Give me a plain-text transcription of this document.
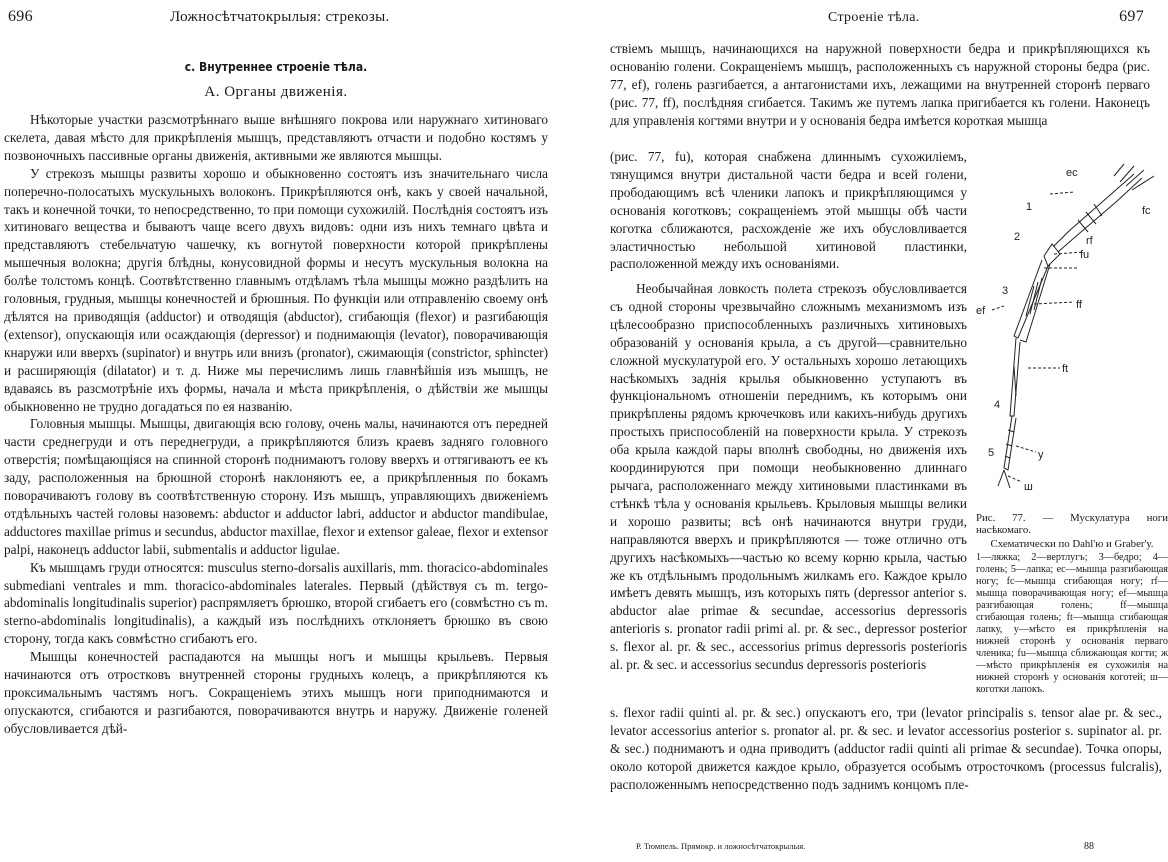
696	Ложносѣтчатокрылыя: стрекозы.
c. Внутреннее строеніе тѣла.
А. Органы движенія.

Нѣкоторые участки разсмотрѣннаго выше внѣшняго покрова или наружнаго хитиноваго скелета, давая мѣсто для прикрѣпленія мышцъ, представляютъ отчасти и подобно костямъ у позвоночныхъ пассивные органы движенія, активными же являются мышцы.

У стрекозъ мышцы развиты хорошо и обыкновенно состоятъ изъ значительнаго числа поперечно-полосатыхъ мускульныхъ волоконъ. Прикрѣпляются онѣ, какъ у своей начальной, такъ и конечной точки, то непосредственно, то при помощи сухожилій. Послѣднія состоятъ изъ хитиноваго вещества и бываютъ чаще всего двухъ видовъ: одни изъ нихъ темнаго цвѣта и представляютъ стебельчатую чашечку, къ вогнутой поверхности которой прикрѣплены мышечныя волокна; другія блѣдны, конусовидной формы и несутъ мускульныя волокна на болѣе толстомъ концѣ. Соотвѣтственно главнымъ отдѣламъ тѣла мышцы можно раздѣлить на головныя, грудныя, мышцы конечностей и брюшныя. По функціи или отправленію своему онѣ дѣлятся на приводящія (adductor) и отводящія (abductor), сгибающія (flexor) и разгибающія (extensor), опускающія или осаждающія (depressor) и поднимающія (levator), поворачивающія кнаружи или вверхъ (supinator) и внутрь или внизъ (pronator), сжимающія (constrictor, sphincter) и расширяющія (dilatator) и т. д. Ниже мы перечислимъ лишь главнѣйшія изъ мышцъ, не вдаваясь въ разсмотрѣніе ихъ формы, начала и мѣста прикрѣпленія, о дѣйствіи же мышцы обыкновенно не трудно догадаться по ея названію.

Головныя мышцы. Мышцы, двигающія всю голову, очень малы, начинаются отъ передней части среднегруди и отъ переднегруди, а прикрѣпляются близъ краевъ задняго головного отверстія; помѣщающіяся на спинной сторонѣ поднимаютъ голову вверхъ и оттягиваютъ ее къ заду, расположенныя на брюшной сторонѣ наклоняютъ ее, а прикрѣпленныя по бокамъ поворачиваютъ голову въ соотвѣтственную сторону. Изъ мышцъ, управляющихъ движеніемъ отдѣльныхъ частей головы назовемъ: abductor и adductor labri, adductor и abductor mandibulae, adductores maxillae primus и secundus, abductor maxillae, flexor и extensor galeae, flexor и extensor palpi, наконецъ adductor labii, submentalis и adductor ligulae.

Къ мышцамъ груди относятся: musculus sterno-dorsalis auxillaris, mm. thoracico-abdominales submediani ventrales и mm. thoracico-abdominales laterales. Первый (дѣйствуя съ m. tergo-abdominalis longitudinalis superior) распрямляетъ брюшко, второй сгибаетъ его (совмѣстно съ m. sterno-abdominalis longitudinalis), а каждый изъ послѣднихъ отклоняетъ брюшко въ свою сторону, тогда какъ совмѣстно сгибаютъ его.

Мышцы конечностей распадаются на мышцы ногъ и мышцы крыльевъ. Первыя начинаются отъ отростковъ внутренней стороны грудныхъ колецъ, а прикрѣпляются къ проксимальнымъ частямъ ногъ. Сокращеніемъ этихъ мышцъ ноги приподнимаются и опускаются, сгибаются и разгибаются, поворачиваются внутрь и наружу. Движеніе голеней обусловливается дѣй-

Строеніе тѣла.	697

ствіемъ мышцъ, начинающихся на наружной поверхности бедра и прикрѣпляющихся къ основанію голени. Сокращеніемъ мышцъ, расположенныхъ съ наружной стороны бедра (рис. 77, ef), голень разгибается, а антагонистами ихъ, лежащими на внутренней сторонѣ перваго (рис. 77, ff), послѣдняя сгибается. Такимъ же путемъ лапка пригибается къ голени. Наконецъ для управленія когтями внутри и у основанія бедра имѣется короткая мышца

(рис. 77, fu), которая снабжена длиннымъ сухожиліемъ, тянущимся внутри дистальной части бедра и всей голени, прободающимъ всѣ членики лапокъ и прикрѣпляющимся у основанія коготковъ; сокращеніемъ этой мышцы обѣ части коготка сближаются, расхожденіе же ихъ обусловливается эластичностью небольшой хитиновой пластинки, расположенной между ихъ основаніями.

Необычайная ловкость полета стрекозъ обусловливается съ одной стороны чрезвычайно сложнымъ механизмомъ изъ цѣлесообразно приспособленныхъ различныхъ хитиновыхъ образованій у основанія крыла, а съ другой—сравнительно сложной мускулатурой его. У остальныхъ хорошо летающихъ насѣкомыхъ заднія крылья обыкновенно уступаютъ въ функціональномъ отношеніи переднимъ, къ которымъ они прикрѣплены рядомъ крючечковъ или какихъ-нибудь другихъ простыхъ приспособленій на поверхности крыла. У стрекозъ оба крыла каждой пары вполнѣ свободны, но движенія ихъ координируются при помощи необыкновенно длиннаго рычага, расположеннаго между хитиновыми пластинками въ стѣнкѣ тѣла у основанія крыльевъ. Крыловыя мышцы велики и хорошо развиты; всѣ онѣ начинаются внутри груди, направляются вверхъ и прикрѣпляются — тоже отлично отъ другихъ насѣкомыхъ—частью ко всему корню крыла, частью же къ отдѣльнымъ продольнымъ жилкамъ его. Каждое крыло имѣетъ девять мышцъ, изъ которыхъ пять (depressor anterior s. abductor alae primae & secundae, accessorius depressoris anterioris s. pronator radii primi al. pr. & sec., depressor posterior s. flexor al. pr. & sec., accessorius primus depressoris posterioris al. pr. & sec. и accessorius secundus depressoris posterioris

ec
fc
1
2	rf
fu
3
ef	ff
ft
4
5	y
ш
Рис. 77. — Мускулатура ноги насѣкомаго.
Схематически по Dahl'ю и Graber'у.
1—ляжка; 2—вертлугъ; 3—бедро; 4—голень; 5—лапка; ec—мышца разгибающая ногу; fc—мышца сгибающая ногу; rf—мышца поворачивающая ногу; ef—мышца разгибающая голень; ff—мышца сгибающая голень; ft—мышца сгибающая лапку, y—мѣсто ея прикрѣпленія на нижней сторонѣ у основанія перваго членика; fu—мышца сближающая когти; ж—мѣсто прикрѣпленія ея сухожилія на нижней сторонѣ у основанія коготей; ш—коготки лапокъ.

s. flexor radii quinti al. pr. & sec.) опускаютъ его, три (levator principalis s. tensor alae pr. & sec., levator accessorius anterior s. pronator al. pr. & sec. и levator accessorius posterior s. supinator al. pr. & sec.) поднимаютъ и одна приводитъ (adductor radii quinti ali primae & secundae). Точка опоры, около которой движется каждое крыло, образуется особымъ отросточкомъ (processus fulcralis), расположеннымъ непосредственно подъ заднимъ концомъ пле-

Р. Тюмпель. Прямокр. и ложносѣтчатокрылыя.	88
